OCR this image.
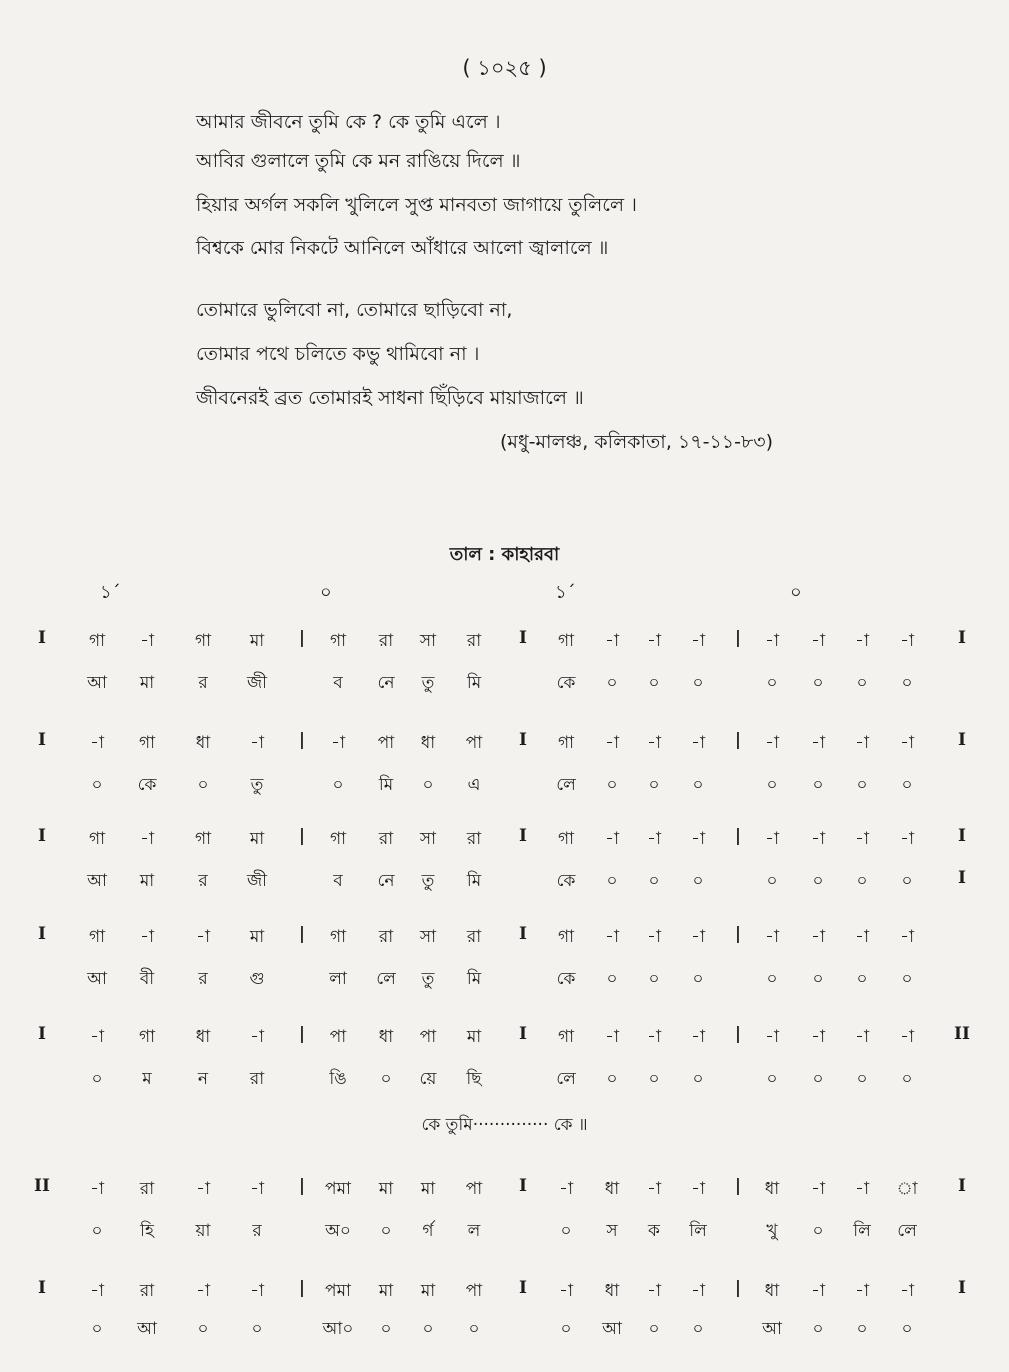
( ১০২৫ )
আমার জীবনে তুমি কে ? কে তুমি এলে ।
আবির গুলালে তুমি কে মন রাঙিয়ে দিলে ॥
হিয়ার অর্গল সকলি খুলিলে সুপ্ত মানবতা জাগায়ে তুলিলে ।
বিশ্বকে মোর নিকটে আনিলে আঁধারে আলো জ্বালালে ॥
তোমারে ভুলিবো না, তোমারে ছাড়িবো না,
তোমার পথে চলিতে কভু থামিবো না ।
জীবনেরই ব্রত তোমারই সাধনা ছিঁড়িবে মায়াজালে ॥
(মধু-মালঞ্চ, কলিকাতা, ১৭-১১-৮৩)
তাল : কাহারবা
১´	০	১´	০
I	গা -া গা মা | গা রা সা রা I গা -া -া -া | -া -া -া -া	I
আ মা	র জী	ব নে তু মি	কে ০ ০ ০	০ ০ ০ ০
I	-া গা ধা -া | -া পা ধা পা I গা -া -া -া | -া -া -া -া	I
০ কে ০ তু	০ মি ০ এ	লে ০ ০ ০	০ ০ ০ ০
I	গা -া গা মা | গা রা সা রা I গা -া -া -া | -া -া -া -া	I
আ মা	র জী	ব নে তু মি	কে ০ ০ ০	০ ০ ০ ০	I
I	গা -া -া মা | গা রা সা রা I গা -া -া -া | -া -া -া -া
আ বী	র গু	লা লে তু মি	কে ০ ০ ০	০ ০ ০ ০
I	-া গা ধা -া | পা ধা পা মা I গা -া -া -া | -া -া -া -া II
০ ম	ন রা	ঙি ০ য়ে ছি	লে ০ ০ ০	০ ০ ০ ০
II -া রা -া -া | পমা মা মা পা I -া ধা -া -া | ধা -া -া া I
০ হি য়া র	অ০ ০ র্গ ল	০ স ক লি	খু ০ লি লে
I	-া রা -া -া | পমা মা মা পা I -া ধা -া -া | ধা -া -া -া	I
০ আ ০	০	আ০ ০ ০ ০	০ আ ০ ০	আ ০ ০ ০
কে তুমি·············· কে ॥
